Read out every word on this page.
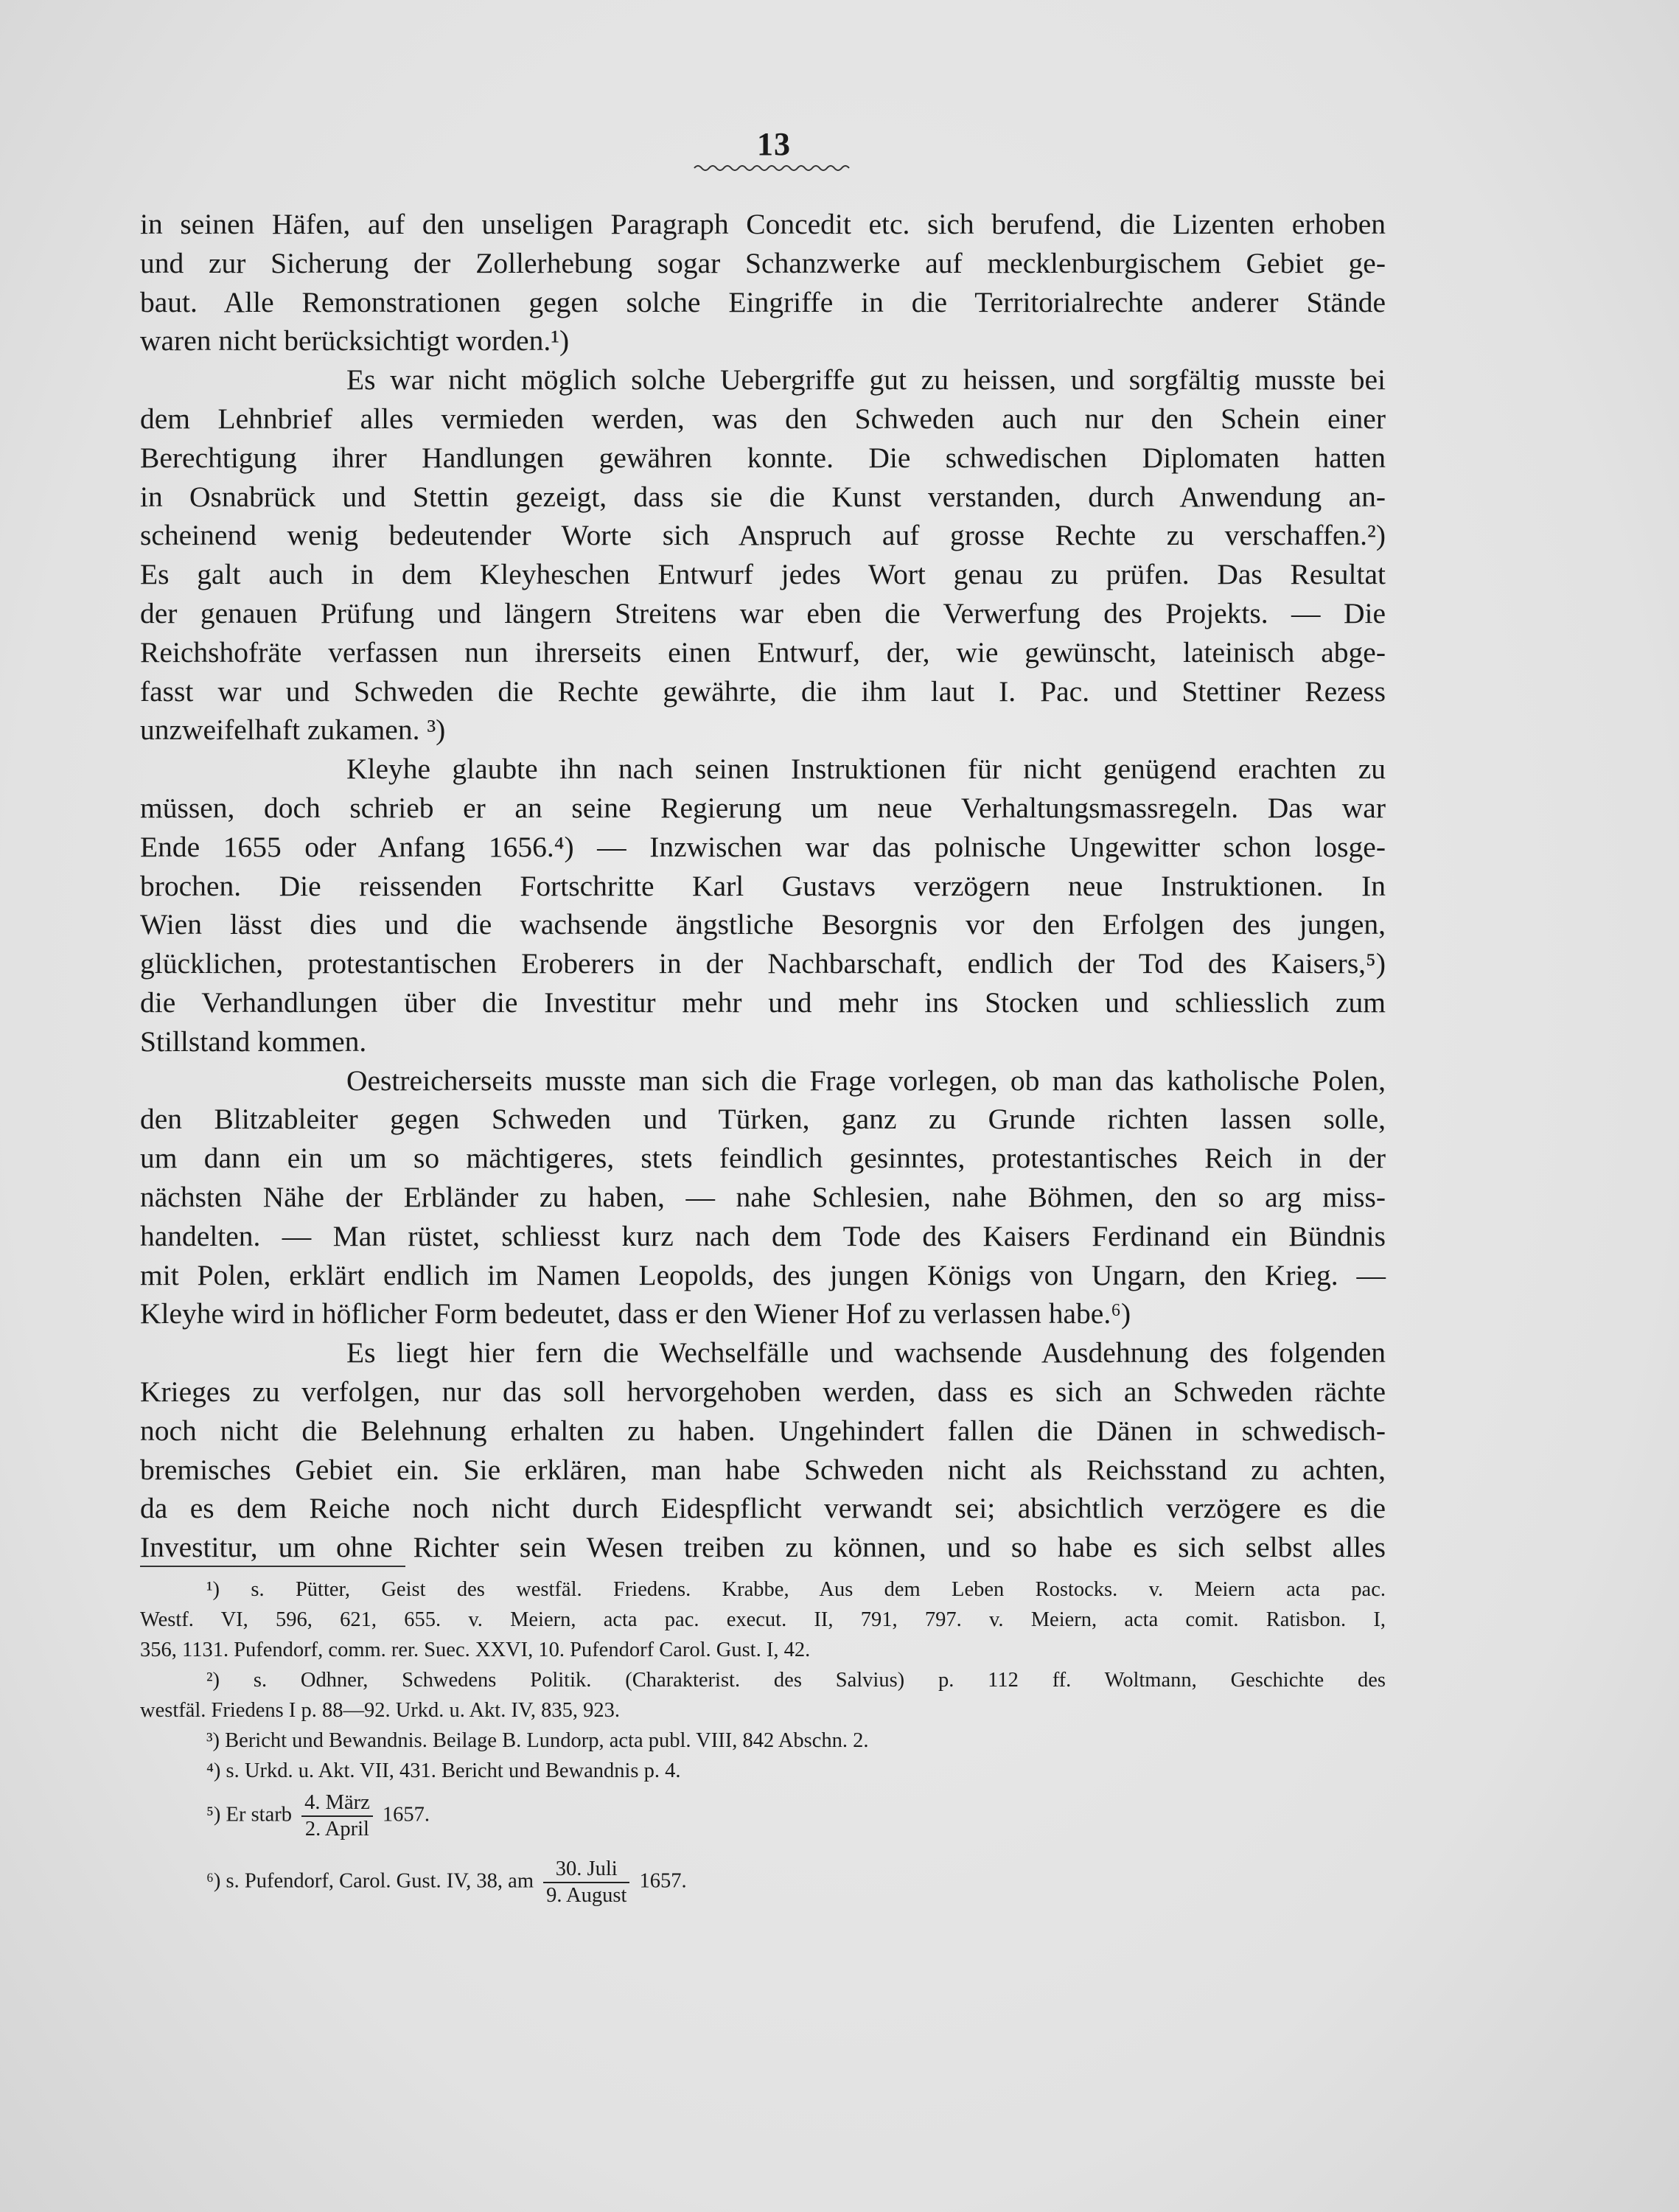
13

in seinen Häfen, auf den unseligen Paragraph Concedit etc. sich berufend, die Lizenten erhoben
und zur Sicherung der Zollerhebung sogar Schanzwerke auf mecklenburgischem Gebiet ge-
baut. Alle Remonstrationen gegen solche Eingriffe in die Territorialrechte anderer Stände
waren nicht berücksichtigt worden.¹)

Es war nicht möglich solche Uebergriffe gut zu heissen, und sorgfältig musste bei
dem Lehnbrief alles vermieden werden, was den Schweden auch nur den Schein einer
Berechtigung ihrer Handlungen gewähren konnte. Die schwedischen Diplomaten hatten
in Osnabrück und Stettin gezeigt, dass sie die Kunst verstanden, durch Anwendung an-
scheinend wenig bedeutender Worte sich Anspruch auf grosse Rechte zu verschaffen.²)
Es galt auch in dem Kleyheschen Entwurf jedes Wort genau zu prüfen. Das Resultat
der genauen Prüfung und längern Streitens war eben die Verwerfung des Projekts. — Die
Reichshofräte verfassen nun ihrerseits einen Entwurf, der, wie gewünscht, lateinisch abge-
fasst war und Schweden die Rechte gewährte, die ihm laut I. Pac. und Stettiner Rezess
unzweifelhaft zukamen. ³)

Kleyhe glaubte ihn nach seinen Instruktionen für nicht genügend erachten zu
müssen, doch schrieb er an seine Regierung um neue Verhaltungsmassregeln. Das war
Ende 1655 oder Anfang 1656.⁴) — Inzwischen war das polnische Ungewitter schon losge-
brochen. Die reissenden Fortschritte Karl Gustavs verzögern neue Instruktionen. In
Wien lässt dies und die wachsende ängstliche Besorgnis vor den Erfolgen des jungen,
glücklichen, protestantischen Eroberers in der Nachbarschaft, endlich der Tod des Kaisers,⁵)
die Verhandlungen über die Investitur mehr und mehr ins Stocken und schliesslich zum
Stillstand kommen.

Oestreicherseits musste man sich die Frage vorlegen, ob man das katholische Polen,
den Blitzableiter gegen Schweden und Türken, ganz zu Grunde richten lassen solle,
um dann ein um so mächtigeres, stets feindlich gesinntes, protestantisches Reich in der
nächsten Nähe der Erbländer zu haben, — nahe Schlesien, nahe Böhmen, den so arg miss-
handelten. — Man rüstet, schliesst kurz nach dem Tode des Kaisers Ferdinand ein Bündnis
mit Polen, erklärt endlich im Namen Leopolds, des jungen Königs von Ungarn, den Krieg. —
Kleyhe wird in höflicher Form bedeutet, dass er den Wiener Hof zu verlassen habe.⁶)

Es liegt hier fern die Wechselfälle und wachsende Ausdehnung des folgenden
Krieges zu verfolgen, nur das soll hervorgehoben werden, dass es sich an Schweden rächte
noch nicht die Belehnung erhalten zu haben. Ungehindert fallen die Dänen in schwedisch-
bremisches Gebiet ein. Sie erklären, man habe Schweden nicht als Reichsstand zu achten,
da es dem Reiche noch nicht durch Eidespflicht verwandt sei; absichtlich verzögere es die
Investitur, um ohne Richter sein Wesen treiben zu können, und so habe es sich selbst alles

¹) s. Pütter, Geist des westfäl. Friedens. Krabbe, Aus dem Leben Rostocks. v. Meiern acta pac.
Westf. VI, 596, 621, 655. v. Meiern, acta pac. execut. II, 791, 797. v. Meiern, acta comit. Ratisbon. I,
356, 1131. Pufendorf, comm. rer. Suec. XXVI, 10. Pufendorf Carol. Gust. I, 42.
²) s. Odhner, Schwedens Politik. (Charakterist. des Salvius) p. 112 ff. Woltmann, Geschichte des
westfäl. Friedens I p. 88—92. Urkd. u. Akt. IV, 835, 923.
³) Bericht und Bewandnis. Beilage B. Lundorp, acta publ. VIII, 842 Abschn. 2.
⁴) s. Urkd. u. Akt. VII, 431. Bericht und Bewandnis p. 4.
⁵) Er starb $\frac{\text{4. März}}{\text{2. April}} 1657$.
⁶) s. Pufendorf, Carol. Gust. IV, 38, am $\frac{\text{30. Juli}}{\text{9. August}} 1657$.
